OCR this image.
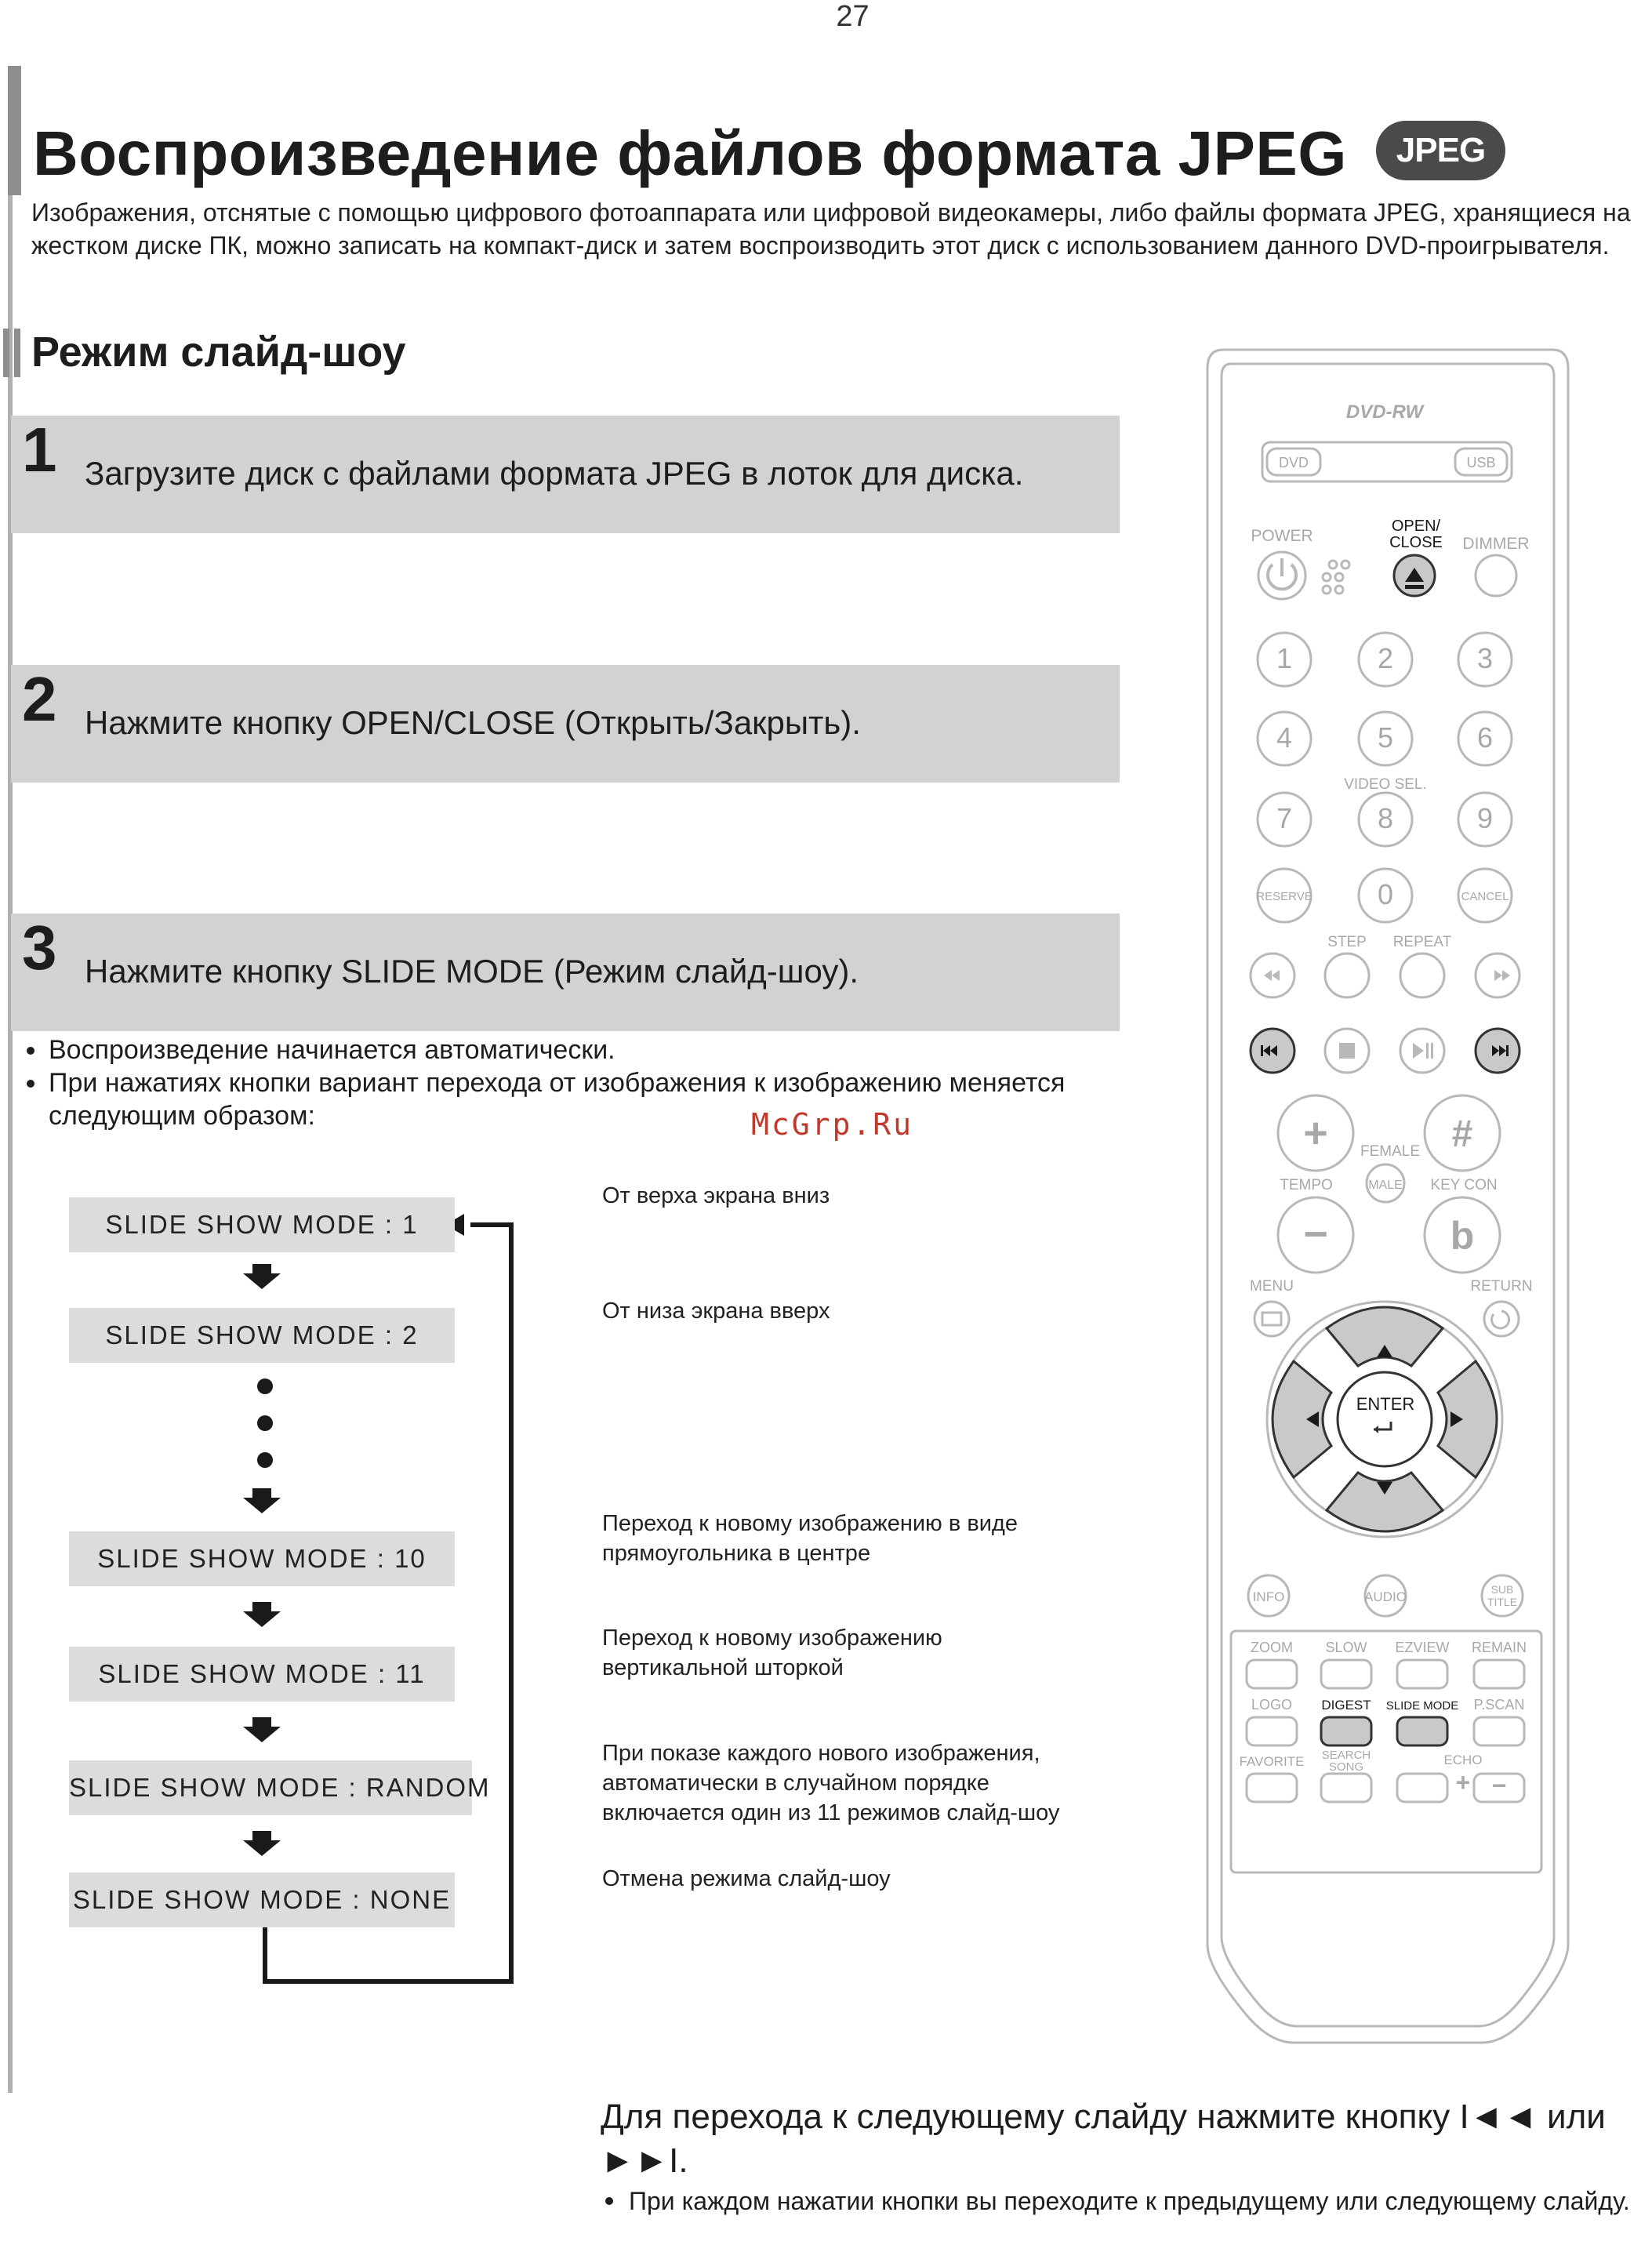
27
Воспроизведение файлов формата JPEG	JPEG
Изображения, отснятые с помощью цифрового фотоаппарата или цифровой видеокамеры, либо файлы формата JPEG, хранящиеся на жестком диске ПК, можно записать на компакт-диск и затем воспроизводить этот диск с использованием данного DVD-проигрывателя.
Режим слайд-шоу
1 Загрузите диск с файлами формата JPEG в лоток для диска.
2 Нажмите кнопку OPEN/CLOSE (Открыть/Закрыть).
3 Нажмите кнопку SLIDE MODE (Режим слайд-шоу).
Воспроизведение начинается автоматически.
При нажатиях кнопки вариант перехода от изображения к изображению меняется следующим образом:	McGrp.Ru
SLIDE SHOW MODE : 1
SLIDE SHOW MODE : 2
SLIDE SHOW MODE : 10
SLIDE SHOW MODE : 11
SLIDE SHOW MODE : RANDOM
SLIDE SHOW MODE : NONE
От верха экрана вниз
От низа экрана вверх
Переход к новому изображению в виде прямоугольника в центре
Переход к новому изображению вертикальной шторкой
При показе каждого нового изображения, автоматически в случайном порядке включается один из 11 режимов слайд-шоу
Отмена режима слайд-шоу
DVD-RW
DVD	USB
POWER	DIMMER
VIDEO SEL.
RESERVE	CANCEL
STEP REPEAT
FEMALE
TEMPO	MALE KEY CON
MENU	RETURN
INFO	AUDIO	SUB
TITLE
ZOOM SLOW EZVIEW REMAIN
LOGO	P.SCAN
FAVORITE SEARCH
SONG	ECHO
1	2	3
4	5	6
7	8	9
0
+	#
−	b
+ −
OPEN/
CLOSE
ENTER
DIGEST SLIDE MODE
Для перехода к следующему слайду нажмите кнопку I◄◄ или ►►I.
При каждом нажатии кнопки вы переходите к предыдущему или следующему слайду.
